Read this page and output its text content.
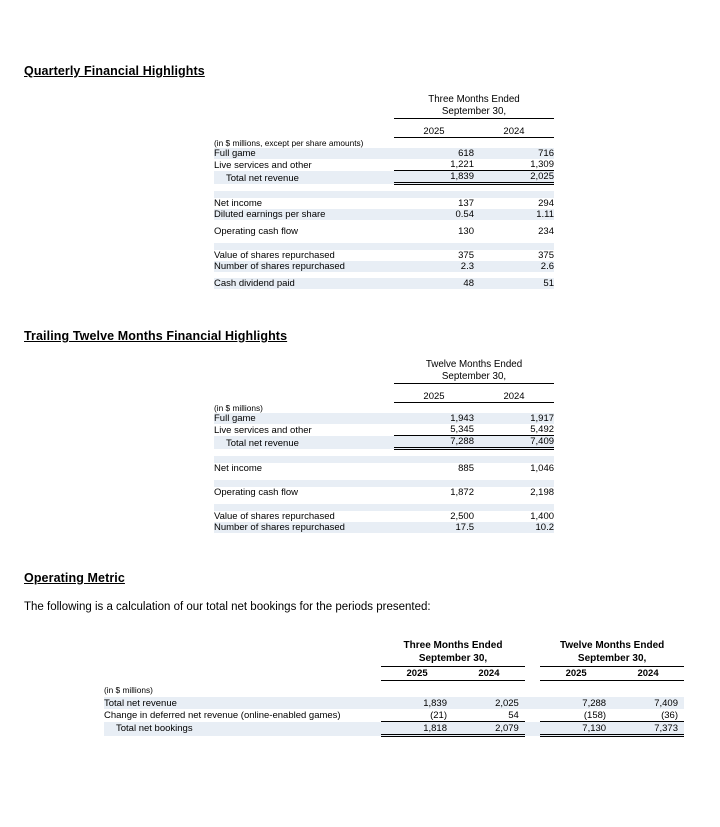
Quarterly Financial Highlights
	Three Months Ended
September 30,	

	2025	2024
(in $ millions, except per share amounts)		
Full game	618	716
Live services and other	1,221	1,309
Total net revenue	1,839	2,025

Net income	137	294
Diluted earnings per share	0.54	1.11

Operating cash flow	130	234

Value of shares repurchased	375	375
Number of shares repurchased	2.3	2.6

Cash dividend paid	48	51
Trailing Twelve Months Financial Highlights
	Twelve Months Ended
September 30,	

	2025	2024
(in $ millions)		
Full game	1,943	1,917
Live services and other	5,345	5,492
Total net revenue	7,288	7,409

Net income	885	1,046

Operating cash flow	1,872	2,198

Value of shares repurchased	2,500	1,400
Number of shares repurchased	17.5	10.2
Operating Metric

The following is a calculation of our total net bookings for the periods presented:

	Three Months Ended
September 30,			Twelve Months Ended
September 30,	
	2025	2024		2025	2024
(in $ millions)					
Total net revenue	1,839	2,025		7,288	7,409
Change in deferred net revenue (online-enabled games)	(21)	54		(158)	(36)
Total net bookings	1,818	2,079		7,130	7,373
